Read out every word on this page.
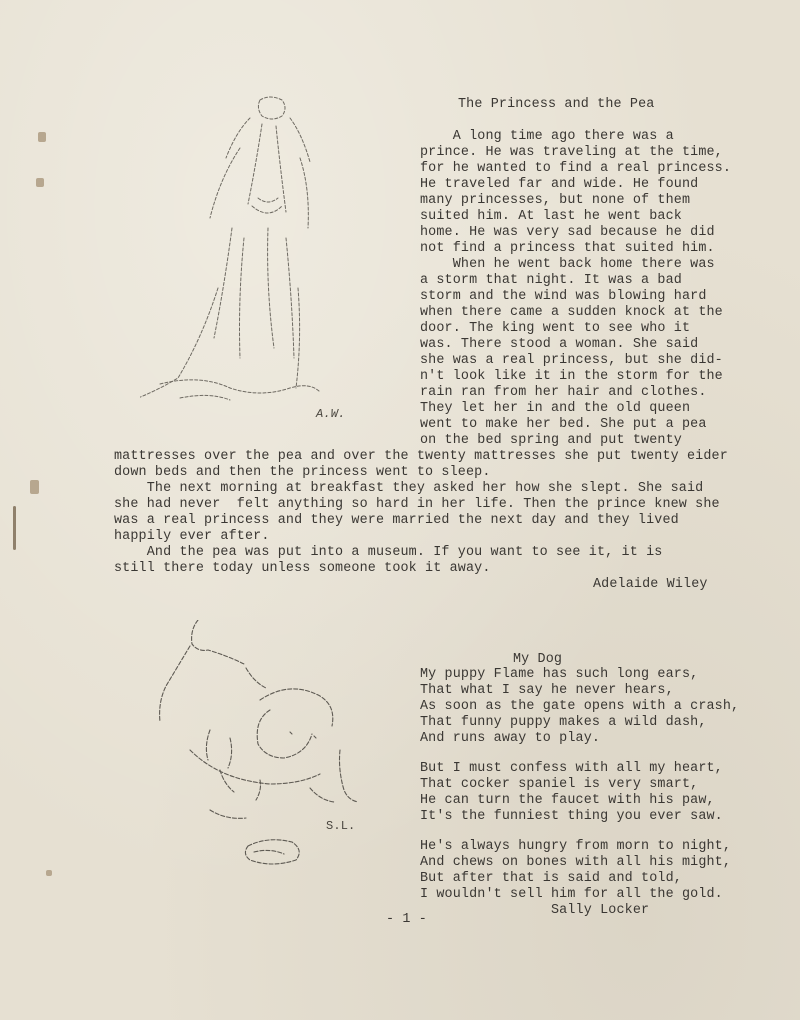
A.W.
The Princess and the Pea
A long time ago there was a
prince. He was traveling at the time,
for he wanted to find a real princess.
He traveled far and wide. He found
many princesses, but none of them
suited him. At last he went back
home. He was very sad because he did
not find a princess that suited him.
When he went back home there was
a storm that night. It was a bad
storm and the wind was blowing hard
when there came a sudden knock at the
door. The king went to see who it
was. There stood a woman. She said
she was a real princess, but she did-
n't look like it in the storm for the
rain ran from her hair and clothes.
They let her in and the old queen
went to make her bed. She put a pea
on the bed spring and put twenty
mattresses over the pea and over the twenty mattresses she put twenty eider
down beds and then the princess went to sleep.
The next morning at breakfast they asked her how she slept. She said
she had never  felt anything so hard in her life. Then the prince knew she
was a real princess and they were married the next day and they lived
happily ever after.
And the pea was put into a museum. If you want to see it, it is
still there today unless someone took it away.
Adelaide Wiley
S.L.
My Dog
My puppy Flame has such long ears,
That what I say he never hears,
As soon as the gate opens with a crash,
That funny puppy makes a wild dash,
And runs away to play.
But I must confess with all my heart,
That cocker spaniel is very smart,
He can turn the faucet with his paw,
It's the funniest thing you ever saw.
He's always hungry from morn to night,
And chews on bones with all his might,
But after that is said and told,
I wouldn't sell him for all the gold.
Sally Locker
- 1 -
